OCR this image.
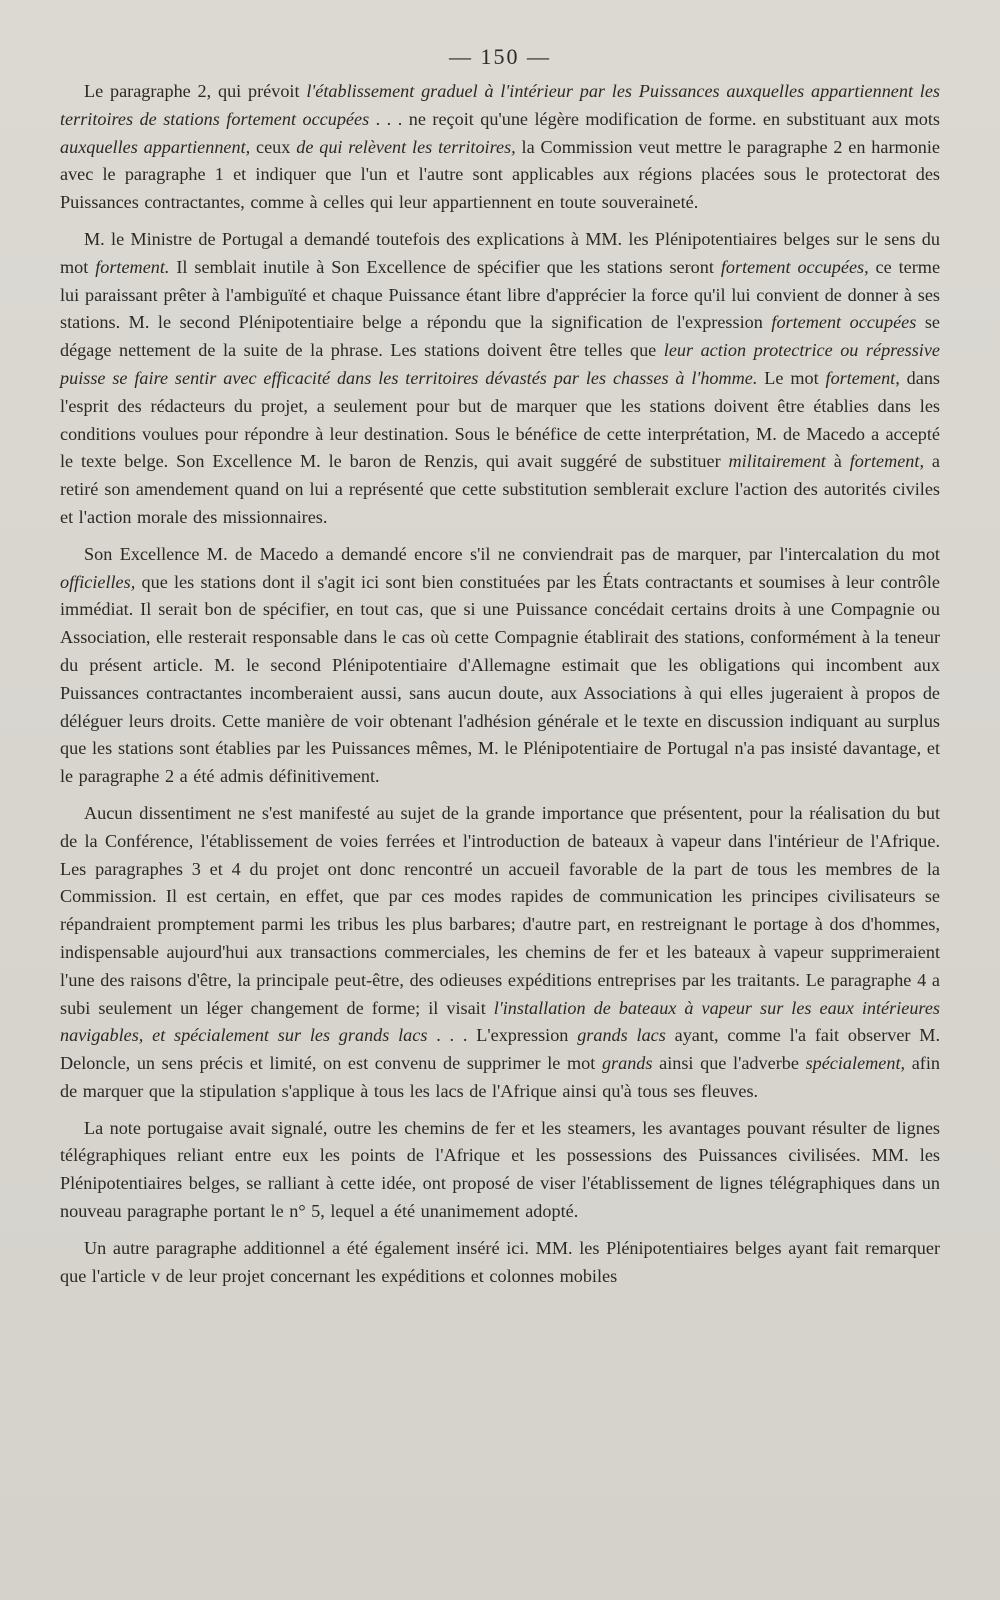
— 150 —

Le paragraphe 2, qui prévoit l'établissement graduel à l'intérieur par les Puissances auxquelles appartiennent les territoires de stations fortement occupées . . . ne reçoit qu'une légère modification de forme. en substituant aux mots auxquelles appartiennent, ceux de qui relèvent les territoires, la Commission veut mettre le paragraphe 2 en harmonie avec le paragraphe 1 et indiquer que l'un et l'autre sont applicables aux régions placées sous le protectorat des Puissances contractantes, comme à celles qui leur appartiennent en toute souveraineté.

M. le Ministre de Portugal a demandé toutefois des explications à MM. les Plénipotentiaires belges sur le sens du mot fortement. Il semblait inutile à Son Excellence de spécifier que les stations seront fortement occupées, ce terme lui paraissant prêter à l'ambiguïté et chaque Puissance étant libre d'apprécier la force qu'il lui convient de donner à ses stations. M. le second Plénipotentiaire belge a répondu que la signification de l'expression fortement occupées se dégage nettement de la suite de la phrase. Les stations doivent être telles que leur action protectrice ou répressive puisse se faire sentir avec efficacité dans les territoires dévastés par les chasses à l'homme. Le mot fortement, dans l'esprit des rédacteurs du projet, a seulement pour but de marquer que les stations doivent être établies dans les conditions voulues pour répondre à leur destination. Sous le bénéfice de cette interprétation, M. de Macedo a accepté le texte belge. Son Excellence M. le baron de Renzis, qui avait suggéré de substituer militairement à fortement, a retiré son amendement quand on lui a représenté que cette substitution semblerait exclure l'action des autorités civiles et l'action morale des missionnaires.

Son Excellence M. de Macedo a demandé encore s'il ne conviendrait pas de marquer, par l'intercalation du mot officielles, que les stations dont il s'agit ici sont bien constituées par les États contractants et soumises à leur contrôle immédiat. Il serait bon de spécifier, en tout cas, que si une Puissance concédait certains droits à une Compagnie ou Association, elle resterait responsable dans le cas où cette Compagnie établirait des stations, conformément à la teneur du présent article. M. le second Plénipotentiaire d'Allemagne estimait que les obligations qui incombent aux Puissances contractantes incomberaient aussi, sans aucun doute, aux Associations à qui elles jugeraient à propos de déléguer leurs droits. Cette manière de voir obtenant l'adhésion générale et le texte en discussion indiquant au surplus que les stations sont établies par les Puissances mêmes, M. le Plénipotentiaire de Portugal n'a pas insisté davantage, et le paragraphe 2 a été admis définitivement.

Aucun dissentiment ne s'est manifesté au sujet de la grande importance que présentent, pour la réalisation du but de la Conférence, l'établissement de voies ferrées et l'introduction de bateaux à vapeur dans l'intérieur de l'Afrique. Les paragraphes 3 et 4 du projet ont donc rencontré un accueil favorable de la part de tous les membres de la Commission. Il est certain, en effet, que par ces modes rapides de communication les principes civilisateurs se répandraient promptement parmi les tribus les plus barbares; d'autre part, en restreignant le portage à dos d'hommes, indispensable aujourd'hui aux transactions commerciales, les chemins de fer et les bateaux à vapeur supprimeraient l'une des raisons d'être, la principale peut-être, des odieuses expéditions entreprises par les traitants. Le paragraphe 4 a subi seulement un léger changement de forme; il visait l'installation de bateaux à vapeur sur les eaux intérieures navigables, et spécialement sur les grands lacs . . . L'expression grands lacs ayant, comme l'a fait observer M. Deloncle, un sens précis et limité, on est convenu de supprimer le mot grands ainsi que l'adverbe spécialement, afin de marquer que la stipulation s'applique à tous les lacs de l'Afrique ainsi qu'à tous ses fleuves.

La note portugaise avait signalé, outre les chemins de fer et les steamers, les avantages pouvant résulter de lignes télégraphiques reliant entre eux les points de l'Afrique et les possessions des Puissances civilisées. MM. les Plénipotentiaires belges, se ralliant à cette idée, ont proposé de viser l'établissement de lignes télégraphiques dans un nouveau paragraphe portant le n° 5, lequel a été unanimement adopté.

Un autre paragraphe additionnel a été également inséré ici. MM. les Plénipotentiaires belges ayant fait remarquer que l'article v de leur projet concernant les expéditions et colonnes mobiles
